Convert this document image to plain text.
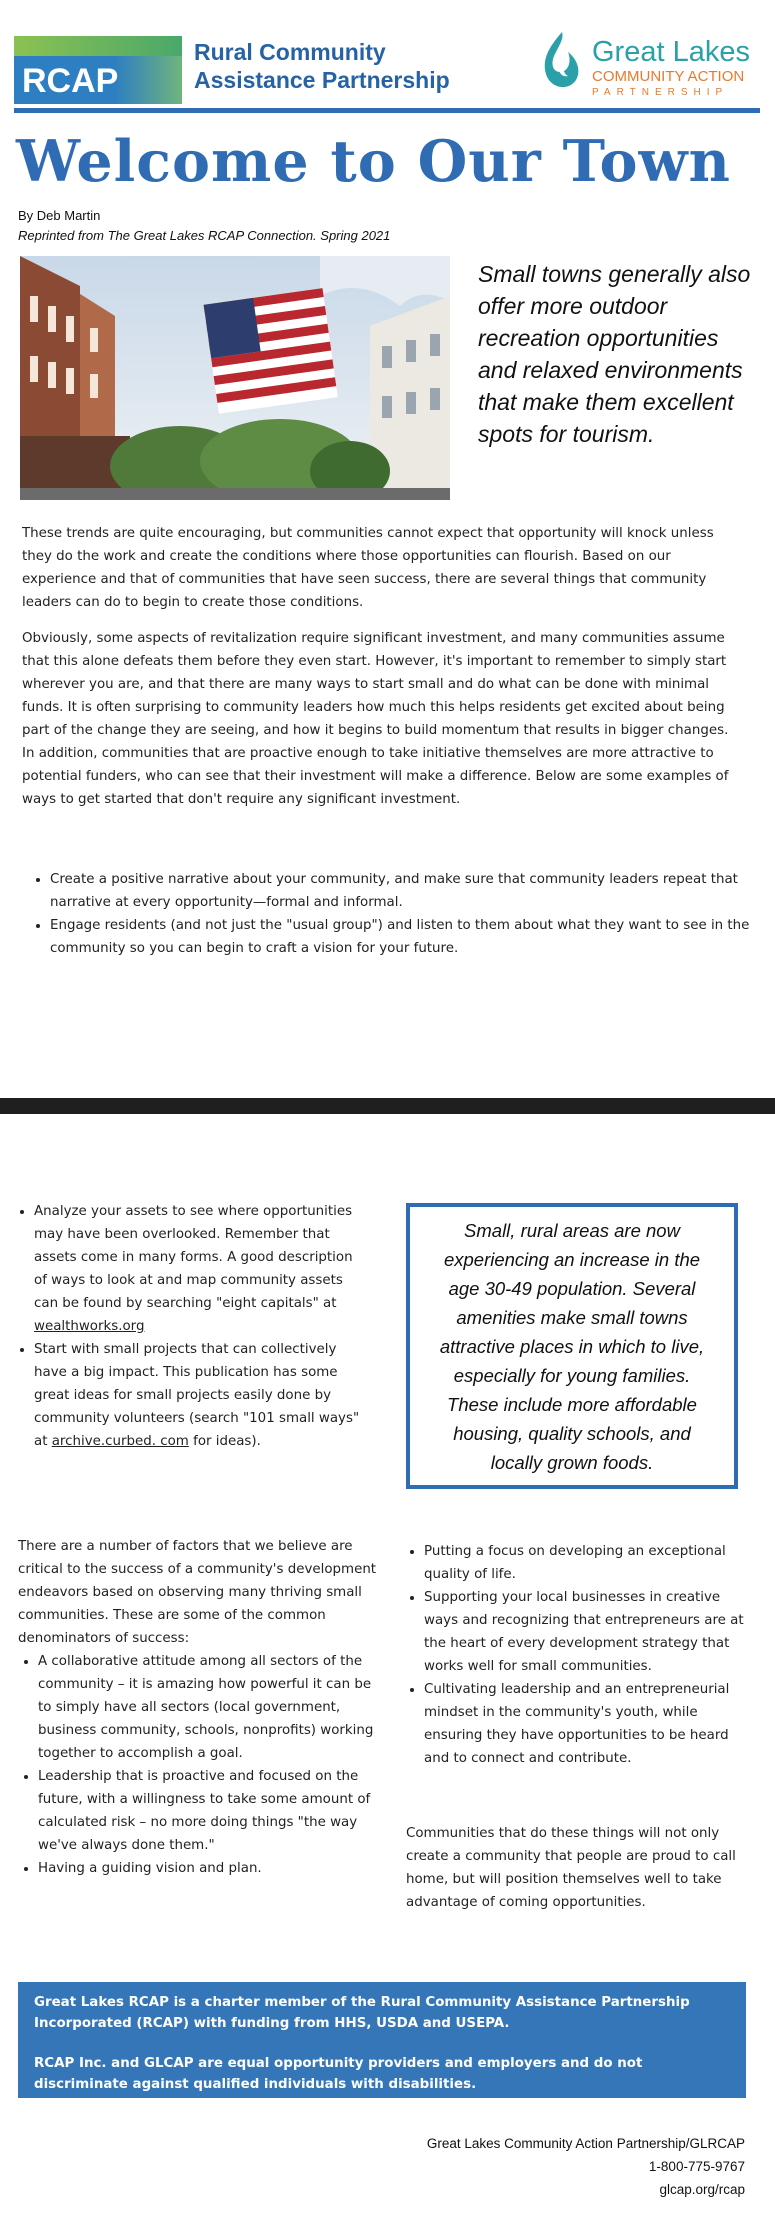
RCAP
Rural Community
Assistance Partnership
Great Lakes
COMMUNITY ACTION
PARTNERSHIP
Welcome to Our Town
By Deb Martin
Reprinted from The Great Lakes RCAP Connection. Spring 2021
Small towns generally also offer more outdoor recreation opportunities and relaxed environments that make them excellent spots for tourism.
These trends are quite encouraging, but communities cannot expect that opportunity will knock unless they do the work and create the conditions where those opportunities can flourish. Based on our experience and that of communities that have seen success, there are several things that community leaders can do to begin to create those conditions.
Obviously, some aspects of revitalization require significant investment, and many communities assume that this alone defeats them before they even start. However, it's important to remember to simply start wherever you are, and that there are many ways to start small and do what can be done with minimal funds. It is often surprising to community leaders how much this helps residents get excited about being part of the change they are seeing, and how it begins to build momentum that results in bigger changes. In addition, communities that are proactive enough to take initiative themselves are more attractive to potential funders, who can see that their investment will make a difference. Below are some examples of ways to get started that don't require any significant investment.
• Create a positive narrative about your community, and make sure that community leaders repeat that narrative at every opportunity—formal and informal.
• Engage residents (and not just the "usual group") and listen to them about what they want to see in the community so you can begin to craft a vision for your future.
• Analyze your assets to see where opportunities may have been overlooked. Remember that assets come in many forms. A good description of ways to look at and map community assets can be found by searching "eight capitals" at wealthworks.org
• Start with small projects that can collectively have a big impact. This publication has some great ideas for small projects easily done by community volunteers (search "101 small ways" at archive.curbed. com for ideas).

Small, rural areas are now experiencing an increase in the age 30-49 population. Several amenities make small towns attractive places in which to live, especially for young families. These include more affordable housing, quality schools, and locally grown foods.

There are a number of factors that we believe are critical to the success of a community's development endeavors based on observing many thriving small communities. These are some of the common denominators of success:
• A collaborative attitude among all sectors of the community – it is amazing how powerful it can be to simply have all sectors (local government, business community, schools, nonprofits) working together to accomplish a goal.
• Leadership that is proactive and focused on the future, with a willingness to take some amount of calculated risk – no more doing things "the way we've always done them."
• Having a guiding vision and plan.
• Putting a focus on developing an exceptional quality of life.
• Supporting your local businesses in creative ways and recognizing that entrepreneurs are at the heart of every development strategy that works well for small communities.
• Cultivating leadership and an entrepreneurial mindset in the community's youth, while ensuring they have opportunities to be heard and to connect and contribute.
Communities that do these things will not only create a community that people are proud to call home, but will position themselves well to take advantage of coming opportunities.

Great Lakes RCAP is a charter member of the Rural Community Assistance Partnership Incorporated (RCAP) with funding from HHS, USDA and USEPA.

RCAP Inc. and GLCAP are equal opportunity providers and employers and do not discriminate against qualified individuals with disabilities.

Great Lakes Community Action Partnership/GLRCAP
1-800-775-9767
glcap.org/rcap
